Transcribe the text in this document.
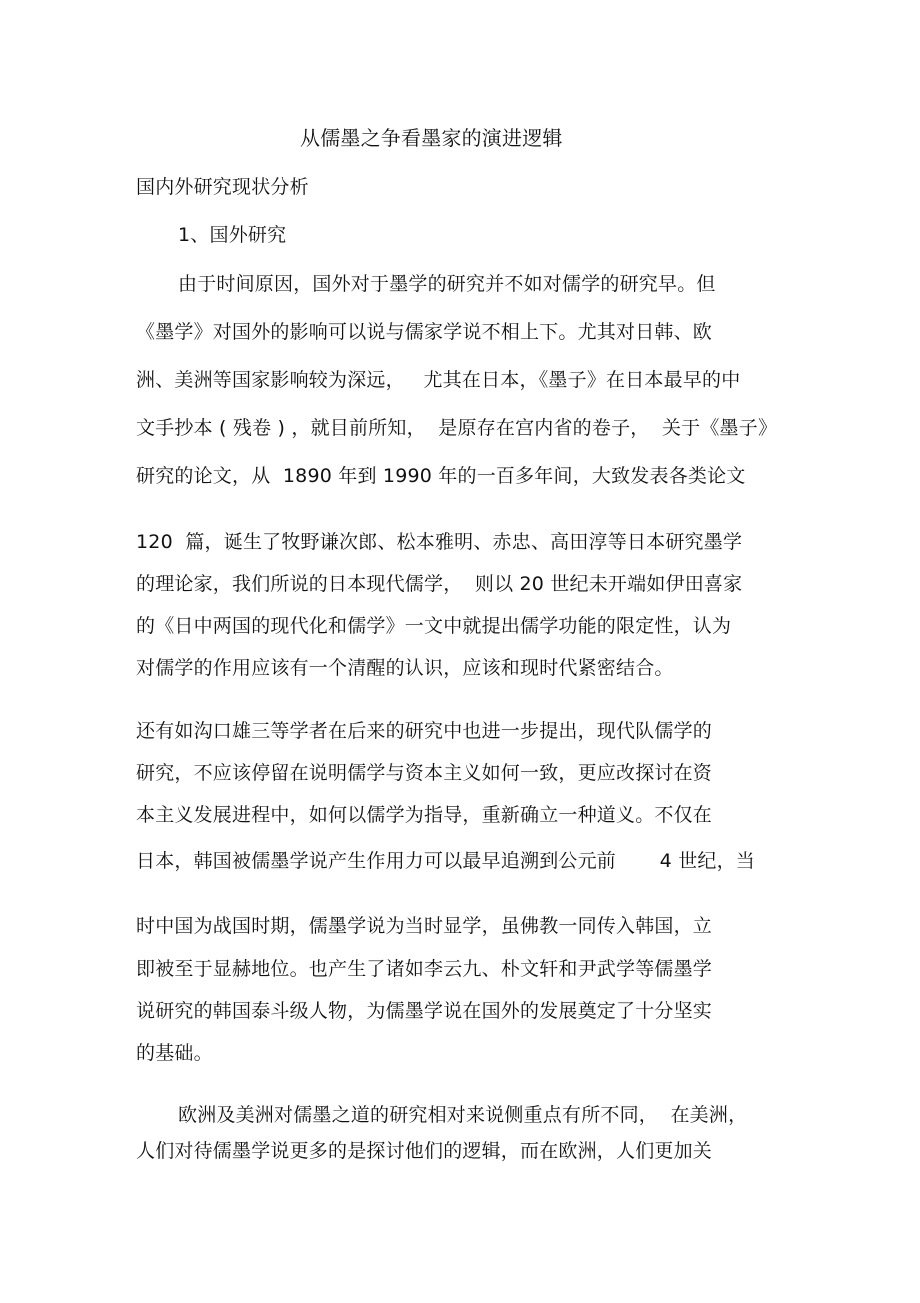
从儒墨之争看墨家的演进逻辑
国内外研究现状分析
1、国外研究
由于时间原因，国外对于墨学的研究并不如对儒学的研究早。但
《墨学》对国外的影响可以说与儒家学说不相上下。尤其对日韩、欧
洲、美洲等国家影响较为深远，   尤其在日本，《墨子》在日本最早的中
文手抄本 ( 残卷 ) ，就目前所知，  是原存在宫内省的卷子，  关于《墨子》
研究的论文，从  1890 年到 1990 年的一百多年间，大致发表各类论文
120  篇，诞生了牧野谦次郎、松本雅明、赤忠、高田淳等日本研究墨学
的理论家，我们所说的日本现代儒学，  则以 20 世纪未开端如伊田喜家
的《日中两国的现代化和儒学》一文中就提出儒学功能的限定性，认为
对儒学的作用应该有一个清醒的认识，应该和现时代紧密结合。
还有如沟口雄三等学者在后来的研究中也进一步提出，现代队儒学的
研究，不应该停留在说明儒学与资本主义如何一致，更应改探讨在资
本主义发展进程中，如何以儒学为指导，重新确立一种道义。不仅在
日本，韩国被儒墨学说产生作用力可以最早追溯到公元前       4 世纪，当
时中国为战国时期，儒墨学说为当时显学，虽佛教一同传入韩国，立
即被至于显赫地位。也产生了诸如李云九、朴文轩和尹武学等儒墨学
说研究的韩国泰斗级人物，为儒墨学说在国外的发展奠定了十分坚实
的基础。
欧洲及美洲对儒墨之道的研究相对来说侧重点有所不同，  在美洲，
人们对待儒墨学说更多的是探讨他们的逻辑，而在欧洲，人们更加关
